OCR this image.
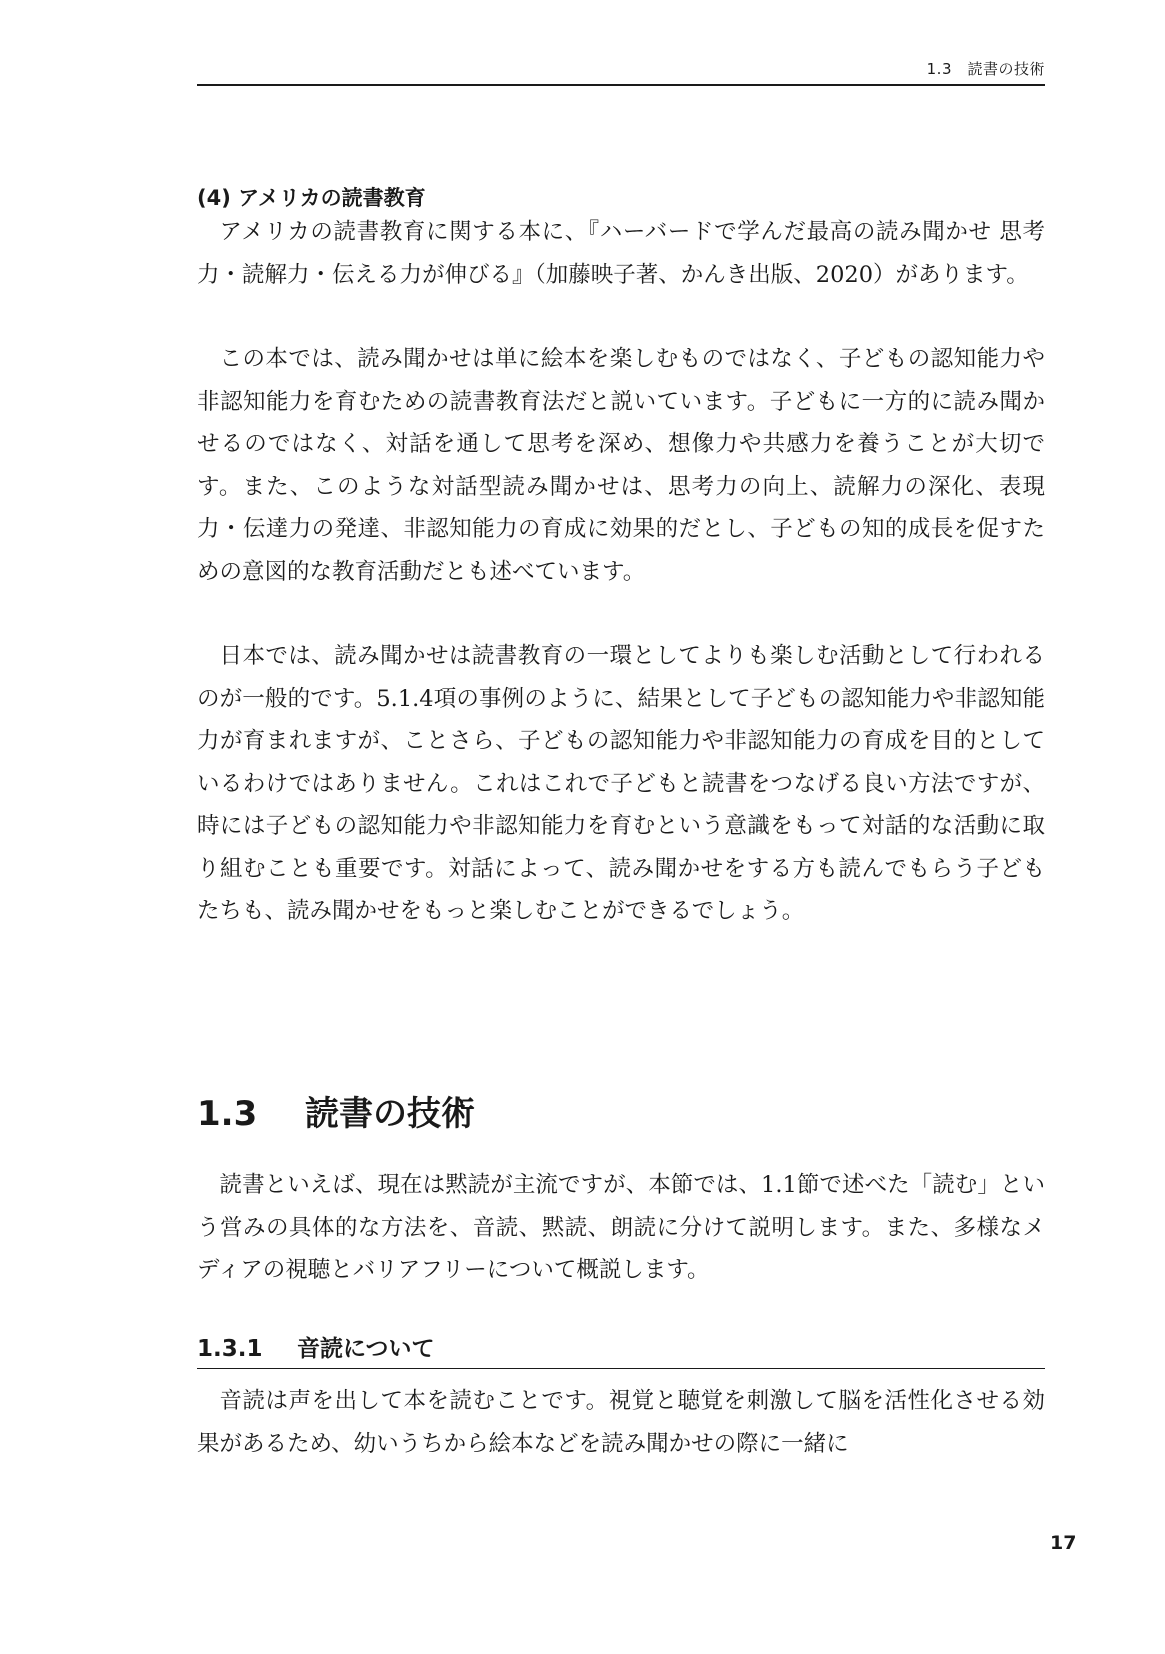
1.3　読書の技術
(4) アメリカの読書教育

アメリカの読書教育に関する本に、『ハーバードで学んだ最高の読み聞かせ 思考力・読解力・伝える力が伸びる』（加藤映子著、かんき出版、2020）があります。

この本では、読み聞かせは単に絵本を楽しむものではなく、子どもの認知能力や非認知能力を育むための読書教育法だと説いています。子どもに一方的に読み聞かせるのではなく、対話を通して思考を深め、想像力や共感力を養うことが大切です。また、このような対話型読み聞かせは、思考力の向上、読解力の深化、表現力・伝達力の発達、非認知能力の育成に効果的だとし、子どもの知的成長を促すための意図的な教育活動だとも述べています。

日本では、読み聞かせは読書教育の一環としてよりも楽しむ活動として行われるのが一般的です。5.1.4項の事例のように、結果として子どもの認知能力や非認知能力が育まれますが、ことさら、子どもの認知能力や非認知能力の育成を目的としているわけではありません。これはこれで子どもと読書をつなげる良い方法ですが、時には子どもの認知能力や非認知能力を育むという意識をもって対話的な活動に取り組むことも重要です。対話によって、読み聞かせをする方も読んでもらう子どもたちも、読み聞かせをもっと楽しむことができるでしょう。

1.3 読書の技術

読書といえば、現在は黙読が主流ですが、本節では、1.1節で述べた「読む」という営みの具体的な方法を、音読、黙読、朗読に分けて説明します。また、多様なメディアの視聴とバリアフリーについて概説します。

1.3.1 音読について

音読は声を出して本を読むことです。視覚と聴覚を刺激して脳を活性化させる効果があるため、幼いうちから絵本などを読み聞かせの際に一緒に

17
